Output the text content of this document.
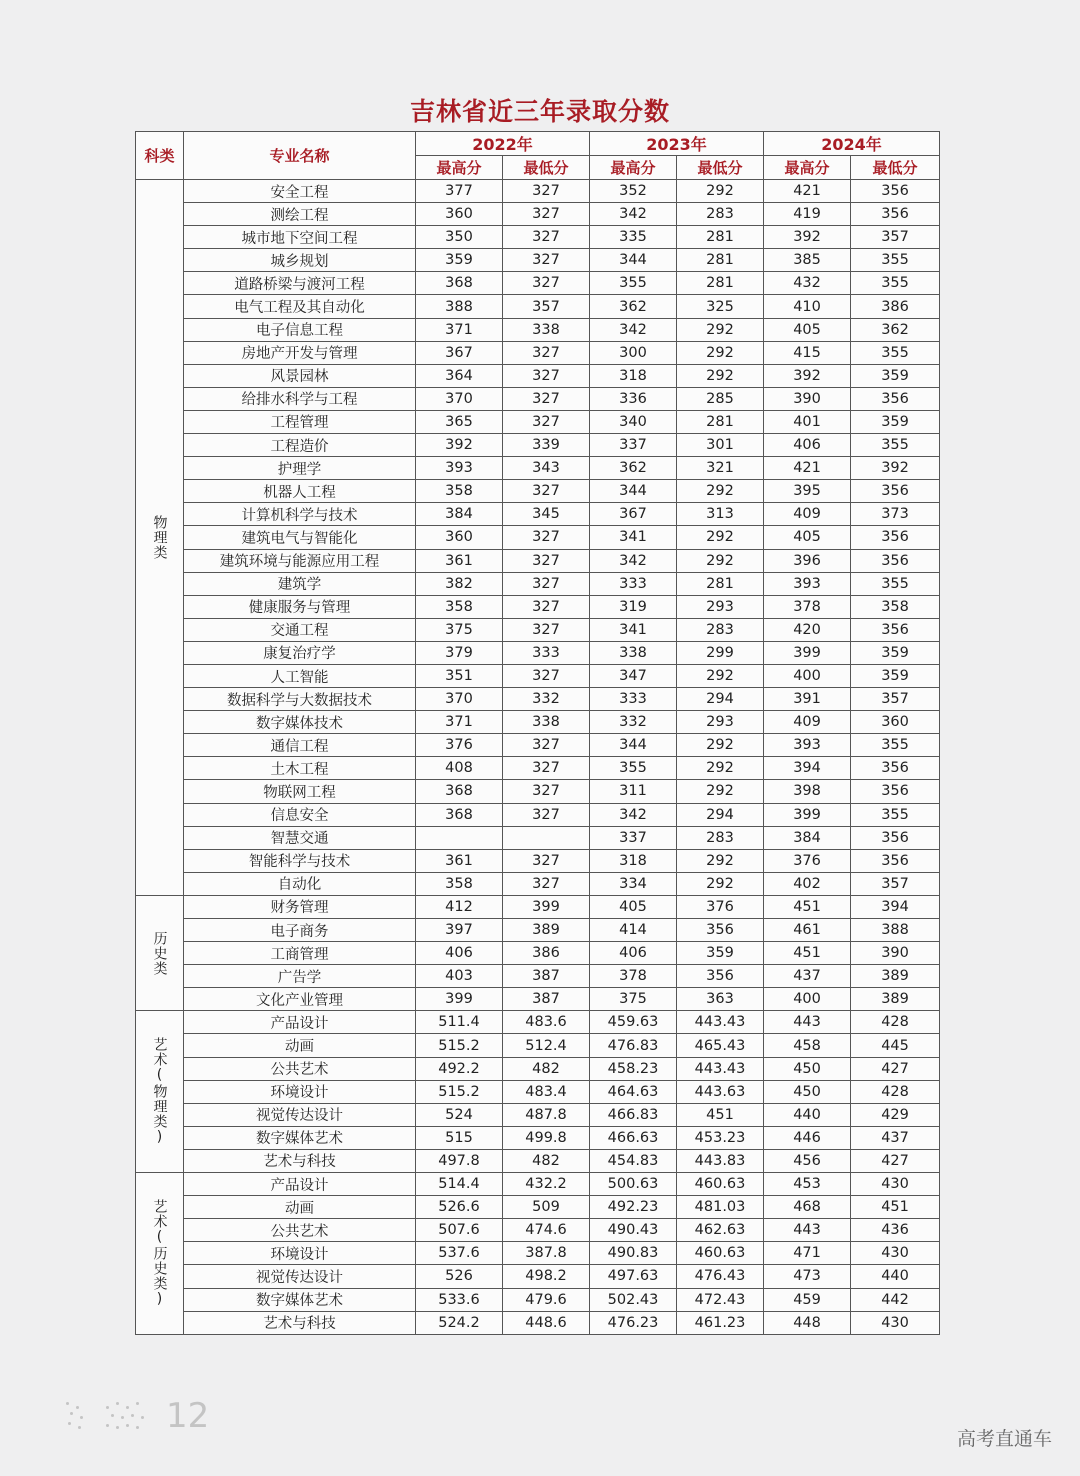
吉林省近三年录取分数
科类	专业名称	2022年		2023年		2024年	
		最高分	最低分	最高分	最低分	最高分	最低分
物理类	安全工程	377	327	352	292	421	356
	测绘工程	360	327	342	283	419	356
	城市地下空间工程	350	327	335	281	392	357
	城乡规划	359	327	344	281	385	355
	道路桥梁与渡河工程	368	327	355	281	432	355
	电气工程及其自动化	388	357	362	325	410	386
	电子信息工程	371	338	342	292	405	362
	房地产开发与管理	367	327	300	292	415	355
	风景园林	364	327	318	292	392	359
	给排水科学与工程	370	327	336	285	390	356
	工程管理	365	327	340	281	401	359
	工程造价	392	339	337	301	406	355
	护理学	393	343	362	321	421	392
	机器人工程	358	327	344	292	395	356
	计算机科学与技术	384	345	367	313	409	373
	建筑电气与智能化	360	327	341	292	405	356
	建筑环境与能源应用工程	361	327	342	292	396	356
	建筑学	382	327	333	281	393	355
	健康服务与管理	358	327	319	293	378	358
	交通工程	375	327	341	283	420	356
	康复治疗学	379	333	338	299	399	359
	人工智能	351	327	347	292	400	359
	数据科学与大数据技术	370	332	333	294	391	357
	数字媒体技术	371	338	332	293	409	360
	通信工程	376	327	344	292	393	355
	土木工程	408	327	355	292	394	356
	物联网工程	368	327	311	292	398	356
	信息安全	368	327	342	294	399	355
	智慧交通			337	283	384	356
	智能科学与技术	361	327	318	292	376	356
	自动化	358	327	334	292	402	357
历史类	财务管理	412	399	405	376	451	394
	电子商务	397	389	414	356	461	388
	工商管理	406	386	406	359	451	390
	广告学	403	387	378	356	437	389
	文化产业管理	399	387	375	363	400	389
艺术(物理类)	产品设计	511.4	483.6	459.63	443.43	443	428
	动画	515.2	512.4	476.83	465.43	458	445
	公共艺术	492.2	482	458.23	443.43	450	427
	环境设计	515.2	483.4	464.63	443.63	450	428
	视觉传达设计	524	487.8	466.83	451	440	429
	数字媒体艺术	515	499.8	466.63	453.23	446	437
	艺术与科技	497.8	482	454.83	443.83	456	427
艺术(历史类)	产品设计	514.4	432.2	500.63	460.63	453	430
	动画	526.6	509	492.23	481.03	468	451
	公共艺术	507.6	474.6	490.43	462.63	443	436
	环境设计	537.6	387.8	490.83	460.63	471	430
	视觉传达设计	526	498.2	497.63	476.43	473	440
	数字媒体艺术	533.6	479.6	502.43	472.43	459	442
	艺术与科技	524.2	448.6	476.23	461.23	448	430
12
高考直通车
